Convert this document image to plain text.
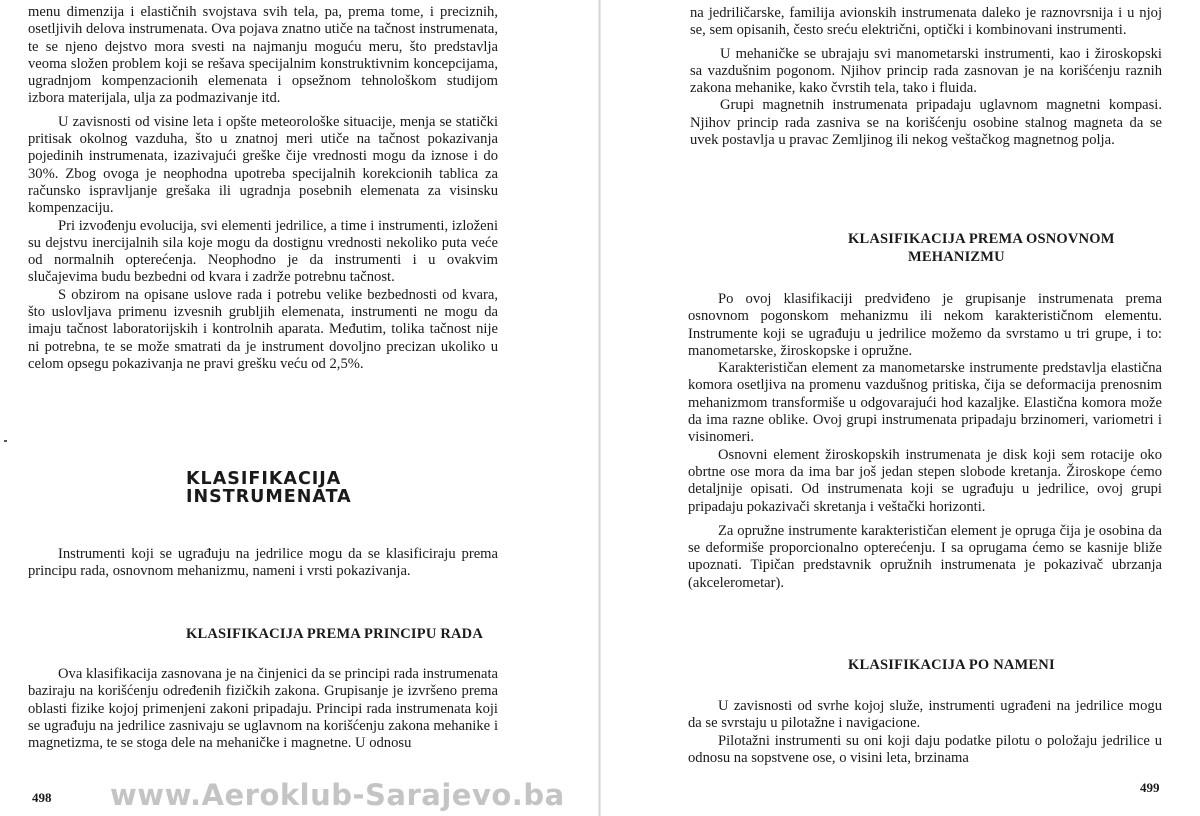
menu dimenzija i elastičnih svojstava svih tela, pa, prema tome, i preciznih, osetljivih delova instrumenata. Ova pojava znatno utiče na tačnost instrumenata, te se njeno dejstvo mora svesti na najmanju moguću meru, što predstavlja veoma složen problem koji se rešava specijalnim konstruktivnim koncepcijama, ugradnjom kompenzacionih elemenata i opsežnom tehnološkom studijom izbora materijala, ulja za podmazivanje itd.

U zavisnosti od visine leta i opšte meteorološke situacije, menja se statički pritisak okolnog vazduha, što u znatnoj meri utiče na tačnost pokazivanja pojedinih instrumenata, izazivajući greške čije vrednosti mogu da iznose i do 30%. Zbog ovoga je neophodna upotreba specijalnih korekcionih tablica za računsko ispravljanje grešaka ili ugradnja posebnih elemenata za visinsku kompenzaciju.

Pri izvođenju evolucija, svi elementi jedrilice, a time i instrumenti, izloženi su dejstvu inercijalnih sila koje mogu da dostignu vrednosti nekoliko puta veće od normalnih opterećenja. Neophodno je da instrumenti i u ovakvim slučajevima budu bezbedni od kvara i zadrže potrebnu tačnost.

S obzirom na opisane uslove rada i potrebu velike bezbednosti od kvara, što uslovljava primenu izvesnih grubljih elemenata, instrumenti ne mogu da imaju tačnost laboratorijskih i kontrolnih aparata. Međutim, tolika tačnost nije ni potrebna, te se može smatrati da je instrument dovoljno precizan ukoliko u celom opsegu pokazivanja ne pravi grešku veću od 2,5%.

KLASIFIKACIJA
INSTRUMENATA

Instrumenti koji se ugrađuju na jedrilice mogu da se klasificiraju prema principu rada, osnovnom mehanizmu, nameni i vrsti pokazivanja.

KLASIFIKACIJA PREMA PRINCIPU RADA

Ova klasifikacija zasnovana je na činjenici da se principi rada instrumenata baziraju na korišćenju određenih fizičkih zakona. Grupisanje je izvršeno prema oblasti fizike kojoj primenjeni zakoni pripadaju. Principi rada instrumenata koji se ugrađuju na jedrilice zasnivaju se uglavnom na korišćenju zakona mehanike i magnetizma, te se stoga dele na mehaničke i magnetne. U odnosu

498

na jedriličarske, familija avionskih instrumenata daleko je raznovrsnija i u njoj se, sem opisanih, često sreću električni, optički i kombinovani instrumenti.

U mehaničke se ubrajaju svi manometarski instrumenti, kao i žiroskopski sa vazdušnim pogonom. Njihov princip rada zasnovan je na korišćenju raznih zakona mehanike, kako čvrstih tela, tako i fluida.

Grupi magnetnih instrumenata pripadaju uglavnom magnetni kompasi. Njihov princip rada zasniva se na korišćenju osobine stalnog magneta da se uvek postavlja u pravac Zemljinog ili nekog veštačkog magnetnog polja.

KLASIFIKACIJA PREMA OSNOVNOM
MEHANIZMU

Po ovoj klasifikaciji predviđeno je grupisanje instrumenata prema osnovnom pogonskom mehanizmu ili nekom karakterističnom elementu. Instrumente koji se ugrađuju u jedrilice možemo da svrstamo u tri grupe, i to: manometarske, žiroskopske i opružne.

Karakterističan element za manometarske instrumente predstavlja elastična komora osetljiva na promenu vazdušnog pritiska, čija se deformacija prenosnim mehanizmom transformiše u odgovarajući hod kazaljke. Elastična komora može da ima razne oblike. Ovoj grupi instrumenata pripadaju brzinomeri, variometri i visinomeri.

Osnovni element žiroskopskih instrumenata je disk koji sem rotacije oko obrtne ose mora da ima bar još jedan stepen slobode kretanja. Žiroskope ćemo detaljnije opisati. Od instrumenata koji se ugrađuju u jedrilice, ovoj grupi pripadaju pokazivači skretanja i veštački horizonti.

Za opružne instrumente karakterističan element je opruga čija je osobina da se deformiše proporcionalno opterećenju. I sa oprugama ćemo se kasnije bliže upoznati. Tipičan predstavnik opružnih instrumenata je pokazivač ubrzanja (akcelerometar).

KLASIFIKACIJA PO NAMENI

U zavisnosti od svrhe kojoj služe, instrumenti ugrađeni na jedrilice mogu da se svrstaju u pilotažne i navigacione.

Pilotažni instrumenti su oni koji daju podatke pilotu o položaju jedrilice u odnosu na sopstvene ose, o visini leta, brzinama

499

www.Aeroklub-Sarajevo.ba
